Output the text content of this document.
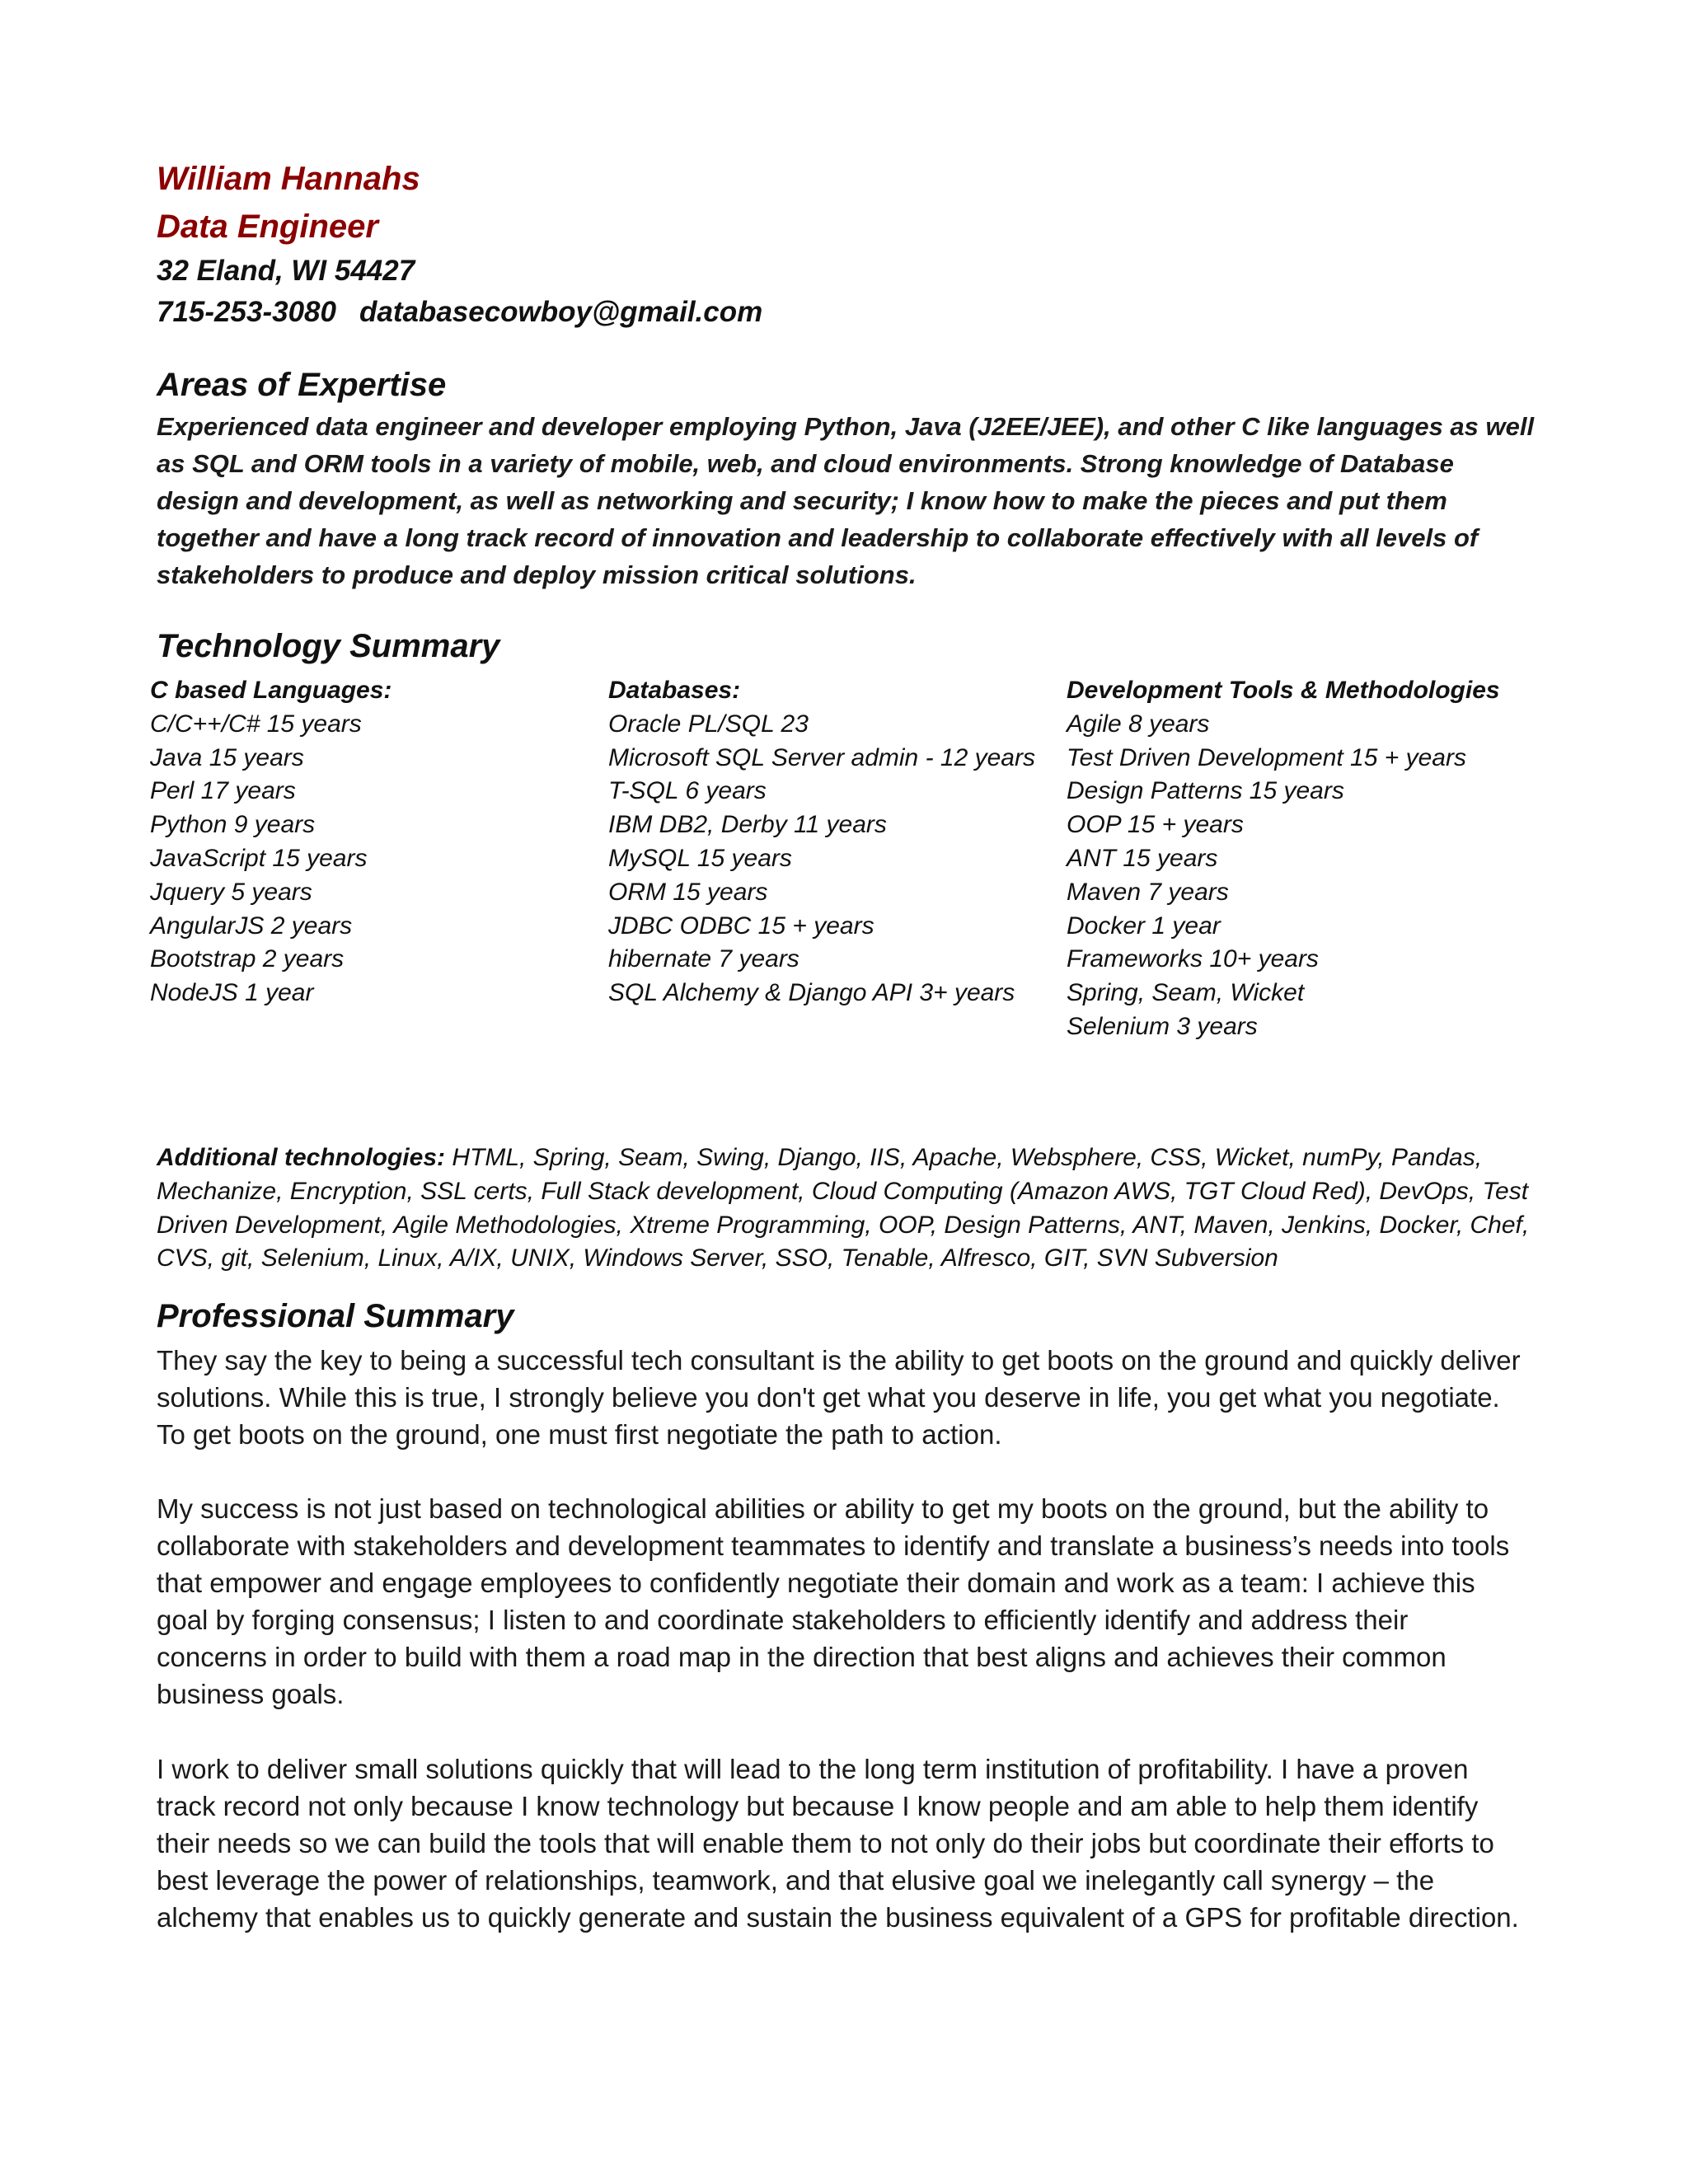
William Hannahs
Data Engineer
32 Eland, WI 54427
715-253-3080 databasecowboy@gmail.com
Areas of Expertise
Experienced data engineer and developer employing Python, Java (J2EE/JEE), and other C like languages as well as SQL and ORM tools in a variety of mobile, web, and cloud environments. Strong knowledge of Database design and development, as well as networking and security; I know how to make the pieces and put them together and have a long track record of innovation and leadership to collaborate effectively with all levels of stakeholders to produce and deploy mission critical solutions.
Technology Summary
C based Languages:
C/C++/C# 15 years
Java 15 years
Perl 17 years
Python 9 years
JavaScript 15 years
Jquery 5 years
AngularJS 2 years
Bootstrap 2 years
NodeJS 1 year
Databases:
Oracle PL/SQL 23
Microsoft SQL Server admin - 12 years
T-SQL 6 years
IBM DB2, Derby 11 years
MySQL 15 years
ORM 15 years
JDBC ODBC 15 + years
hibernate 7 years
SQL Alchemy & Django API 3+ years
Development Tools & Methodologies
Agile 8 years
Test Driven Development 15 + years
Design Patterns 15 years
OOP 15 + years
ANT 15 years
Maven 7 years
Docker 1 year
Frameworks 10+ years
Spring, Seam, Wicket
Selenium 3 years
Additional technologies: HTML, Spring, Seam, Swing, Django, IIS, Apache, Websphere, CSS, Wicket, numPy, Pandas, Mechanize, Encryption, SSL certs, Full Stack development, Cloud Computing (Amazon AWS, TGT Cloud Red), DevOps, Test Driven Development, Agile Methodologies, Xtreme Programming, OOP, Design Patterns, ANT, Maven, Jenkins, Docker, Chef, CVS, git, Selenium, Linux, A/IX, UNIX, Windows Server, SSO, Tenable, Alfresco, GIT, SVN Subversion
Professional Summary
They say the key to being a successful tech consultant is the ability to get boots on the ground and quickly deliver solutions. While this is true, I strongly believe you don't get what you deserve in life, you get what you negotiate. To get boots on the ground, one must first negotiate the path to action.
My success is not just based on technological abilities or ability to get my boots on the ground, but the ability to collaborate with stakeholders and development teammates to identify and translate a business’s needs into tools that empower and engage employees to confidently negotiate their domain and work as a team: I achieve this goal by forging consensus; I listen to and coordinate stakeholders to efficiently identify and address their concerns in order to build with them a road map in the direction that best aligns and achieves their common business goals.
I work to deliver small solutions quickly that will lead to the long term institution of profitability. I have a proven track record not only because I know technology but because I know people and am able to help them identify their needs so we can build the tools that will enable them to not only do their jobs but coordinate their efforts to best leverage the power of relationships, teamwork, and that elusive goal we inelegantly call synergy – the alchemy that enables us to quickly generate and sustain the business equivalent of a GPS for profitable direction.
